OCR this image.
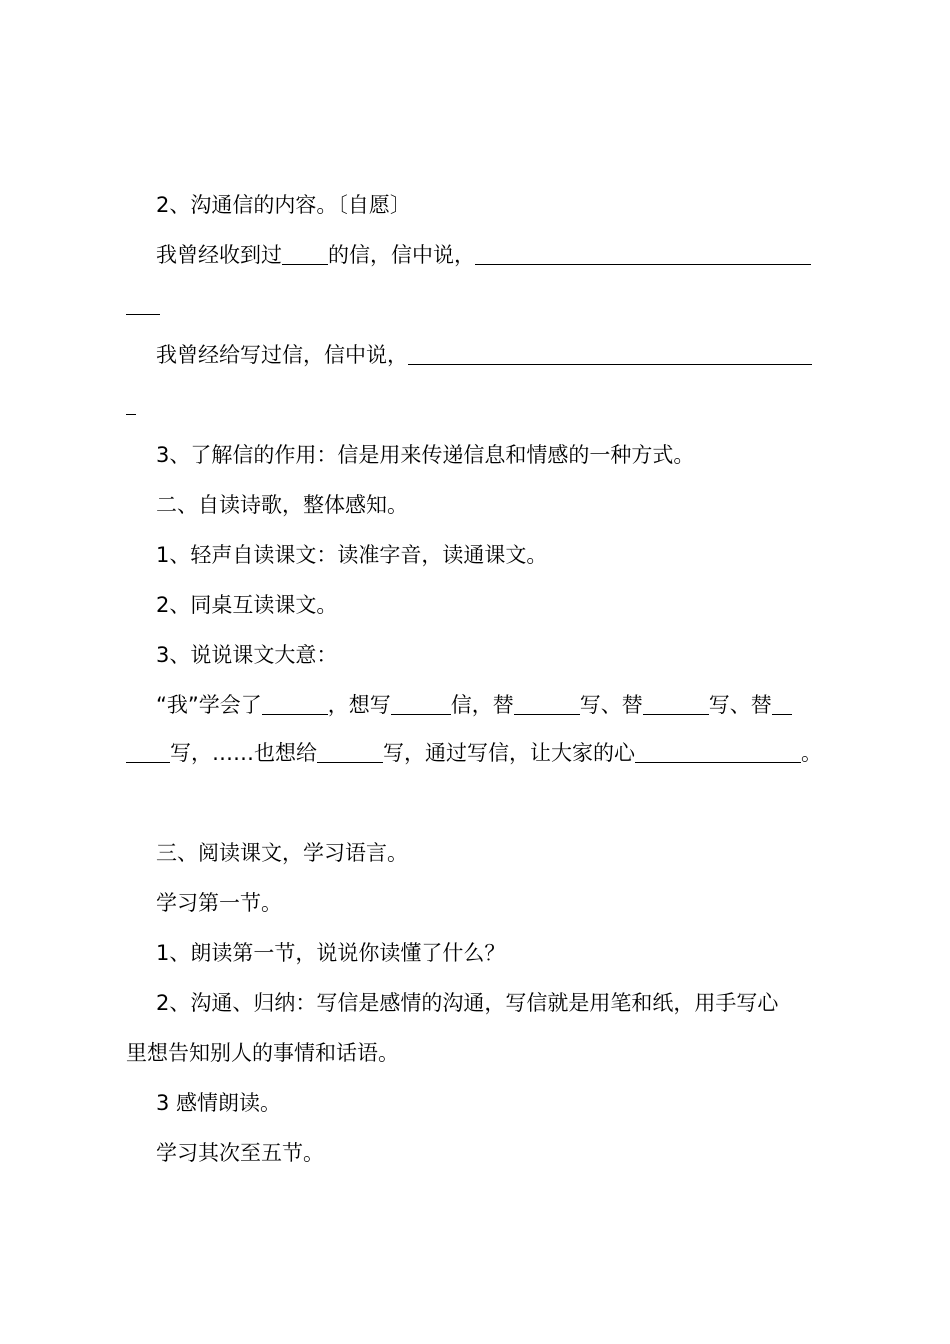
2、沟通信的内容。〔自愿〕
我曾经收到过 的信，信中说，
我曾经给写过信，信中说，
3、了解信的作用：信是用来传递信息和情感的一种方式。
二、自读诗歌，整体感知。
1、轻声自读课文：读准字音，读通课文。
2、同桌互读课文。
3、说说课文大意：
“我”学会了	，想写	信，替	写、替	写、替
写，……也想给	写，通过写信，让大家的心	。
三、阅读课文，学习语言。
学习第一节。
1、朗读第一节，说说你读懂了什么？
2、沟通、归纳：写信是感情的沟通，写信就是用笔和纸，用手写心
里想告知别人的事情和话语。
3 感情朗读。
学习其次至五节。
